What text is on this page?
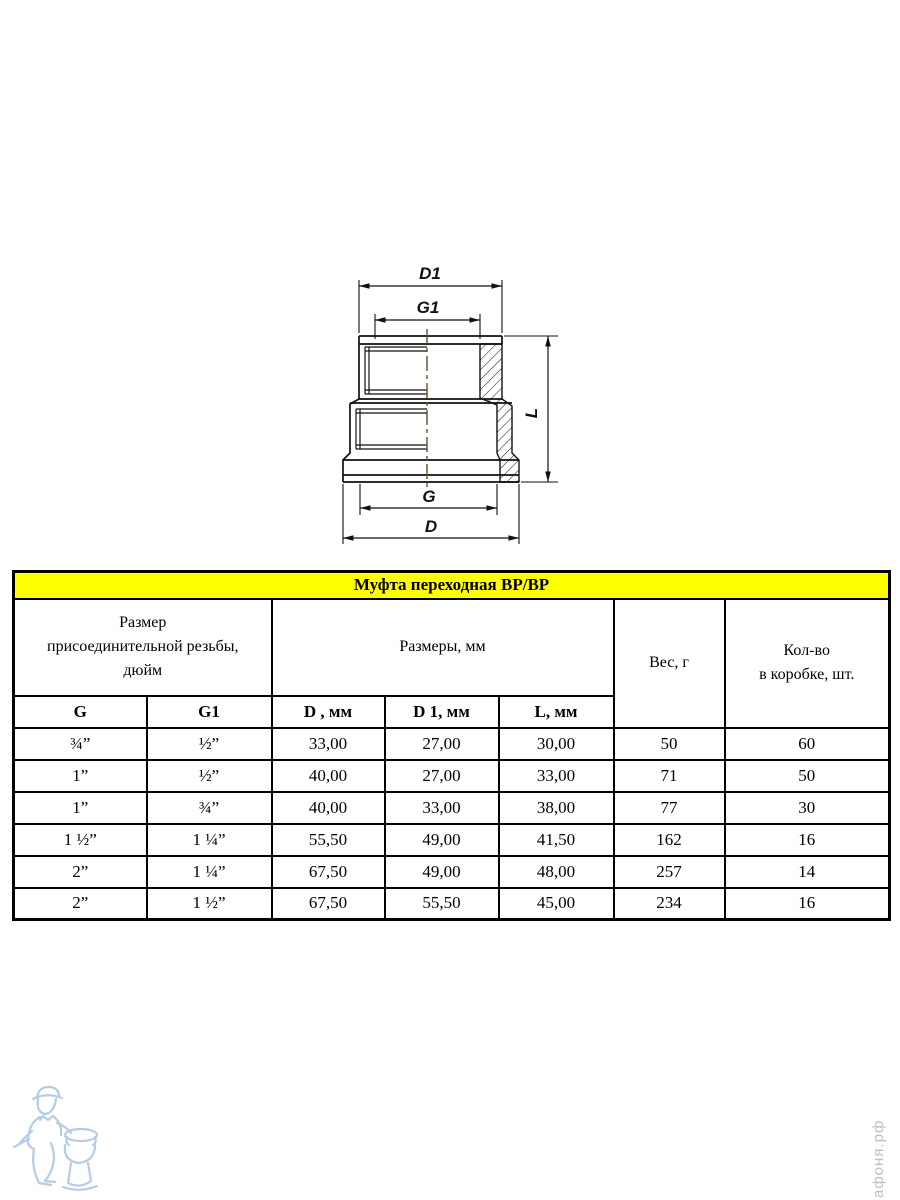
D1
G1
L
G
D
Муфта переходная ВР/ВР						
Размер
присоединительной резьбы,
дюйм		Размеры, мм			Вес, г	Кол-во
в коробке, шт.
G	G1	D , мм	D 1, мм	L, мм		
¾”	½”	33,00	27,00	30,00	50	60
1”	½”	40,00	27,00	33,00	71	50
1”	¾”	40,00	33,00	38,00	77	30
1 ½”	1 ¼”	55,50	49,00	41,50	162	16
2”	1 ¼”	67,50	49,00	48,00	257	14
2”	1 ½”	67,50	55,50	45,00	234	16
афоня.рф
